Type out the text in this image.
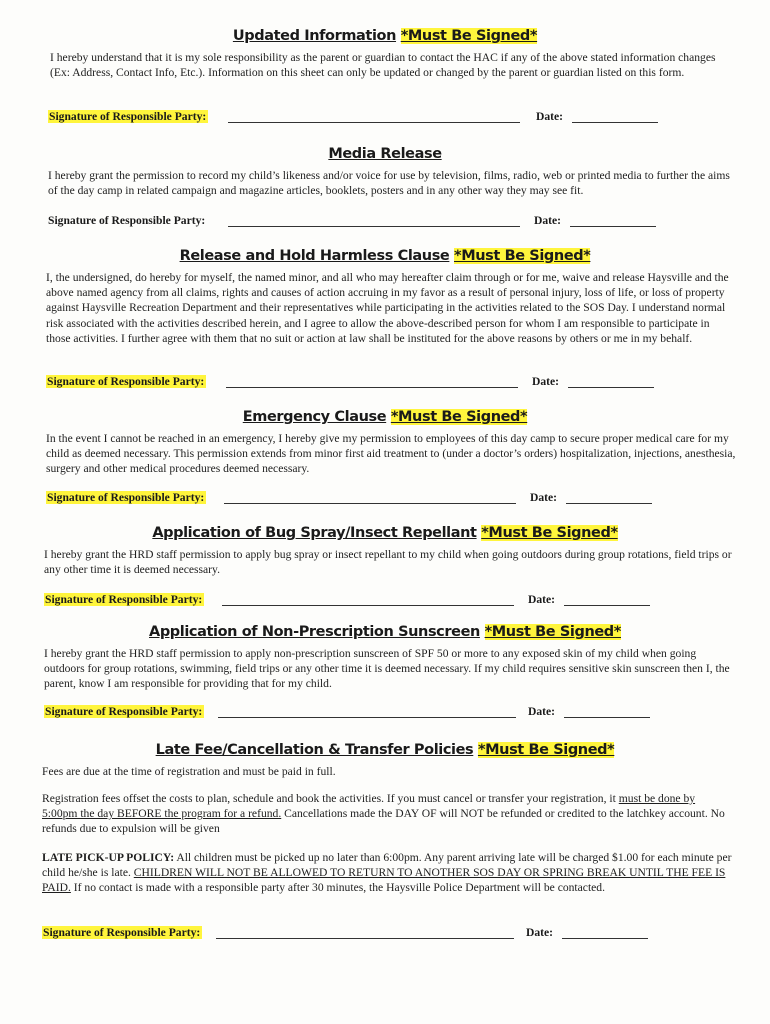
Updated Information *Must Be Signed*

I hereby understand that it is my sole responsibility as the parent or guardian to contact the HAC if any of the above stated information changes (Ex: Address, Contact Info, Etc.). Information on this sheet can only be updated or changed by the parent or guardian listed on this form.

Signature of Responsible Party:	Date:
Media Release

I hereby grant the permission to record my child’s likeness and/or voice for use by television, films, radio, web or printed media to further the aims of the day camp in related campaign and magazine articles, booklets, posters and in any other way they may see fit.

Signature of Responsible Party:	Date:
Release and Hold Harmless Clause *Must Be Signed*

I, the undersigned, do hereby for myself, the named minor, and all who may hereafter claim through or for me, waive and release Haysville and the above named agency from all claims, rights and causes of action accruing in my favor as a result of personal injury, loss of life, or loss of property against Haysville Recreation Department and their representatives while participating in the activities related to the SOS Day. I understand normal risk associated with the activities described herein, and I agree to allow the above-described person for whom I am responsible to participate in those activities. I further agree with them that no suit or action at law shall be instituted for the above reasons by others or me in my behalf.

Signature of Responsible Party:	Date:
Emergency Clause *Must Be Signed*

In the event I cannot be reached in an emergency, I hereby give my permission to employees of this day camp to secure proper medical care for my child as deemed necessary. This permission extends from minor first aid treatment to (under a doctor’s orders) hospitalization, injections, anesthesia, surgery and other medical procedures deemed necessary.

Signature of Responsible Party:	Date:
Application of Bug Spray/Insect Repellant *Must Be Signed*

I hereby grant the HRD staff permission to apply bug spray or insect repellant to my child when going outdoors during group rotations, field trips or any other time it is deemed necessary.

Signature of Responsible Party:	Date:
Application of Non-Prescription Sunscreen *Must Be Signed*

I hereby grant the HRD staff permission to apply non-prescription sunscreen of SPF 50 or more to any exposed skin of my child when going outdoors for group rotations, swimming, field trips or any other time it is deemed necessary. If my child requires sensitive skin sunscreen then I, the parent, know I am responsible for providing that for my child.

Signature of Responsible Party:	Date:
Late Fee/Cancellation & Transfer Policies *Must Be Signed*

Fees are due at the time of registration and must be paid in full.

Registration fees offset the costs to plan, schedule and book the activities. If you must cancel or transfer your registration, it must be done by 5:00pm the day BEFORE the program for a refund. Cancellations made the DAY OF will NOT be refunded or credited to the latchkey account. No refunds due to expulsion will be given

LATE PICK-UP POLICY: All children must be picked up no later than 6:00pm. Any parent arriving late will be charged $1.00 for each minute per child he/she is late. CHILDREN WILL NOT BE ALLOWED TO RETURN TO ANOTHER SOS DAY OR SPRING BREAK UNTIL THE FEE IS PAID. If no contact is made with a responsible party after 30 minutes, the Haysville Police Department will be contacted.

Signature of Responsible Party:	Date:
